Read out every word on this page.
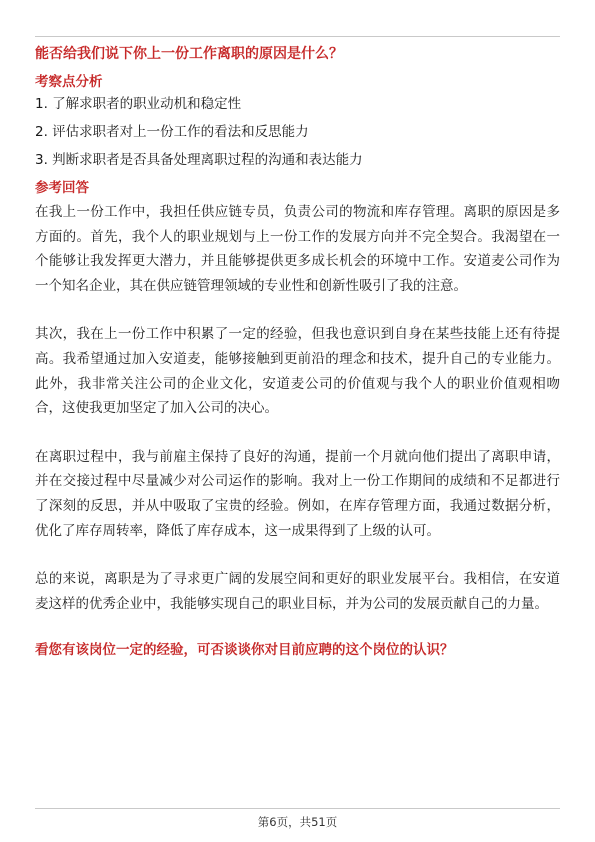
能否给我们说下你上一份工作离职的原因是什么？

考察点分析

1. 了解求职者的职业动机和稳定性

2. 评估求职者对上一份工作的看法和反思能力

3. 判断求职者是否具备处理离职过程的沟通和表达能力

参考回答

在我上一份工作中，我担任供应链专员，负责公司的物流和库存管理。离职的原因是多方面的。首先，我个人的职业规划与上一份工作的发展方向并不完全契合。我渴望在一个能够让我发挥更大潜力，并且能够提供更多成长机会的环境中工作。安道麦公司作为一个知名企业，其在供应链管理领域的专业性和创新性吸引了我的注意。

其次，我在上一份工作中积累了一定的经验，但我也意识到自身在某些技能上还有待提高。我希望通过加入安道麦，能够接触到更前沿的理念和技术，提升自己的专业能力。此外，我非常关注公司的企业文化，安道麦公司的价值观与我个人的职业价值观相吻合，这使我更加坚定了加入公司的决心。

在离职过程中，我与前雇主保持了良好的沟通，提前一个月就向他们提出了离职申请，并在交接过程中尽量减少对公司运作的影响。我对上一份工作期间的成绩和不足都进行了深刻的反思，并从中吸取了宝贵的经验。例如，在库存管理方面，我通过数据分析，优化了库存周转率，降低了库存成本，这一成果得到了上级的认可。

总的来说，离职是为了寻求更广阔的发展空间和更好的职业发展平台。我相信，在安道麦这样的优秀企业中，我能够实现自己的职业目标，并为公司的发展贡献自己的力量。

看您有该岗位一定的经验，可否谈谈你对目前应聘的这个岗位的认识？

第6页，共51页
